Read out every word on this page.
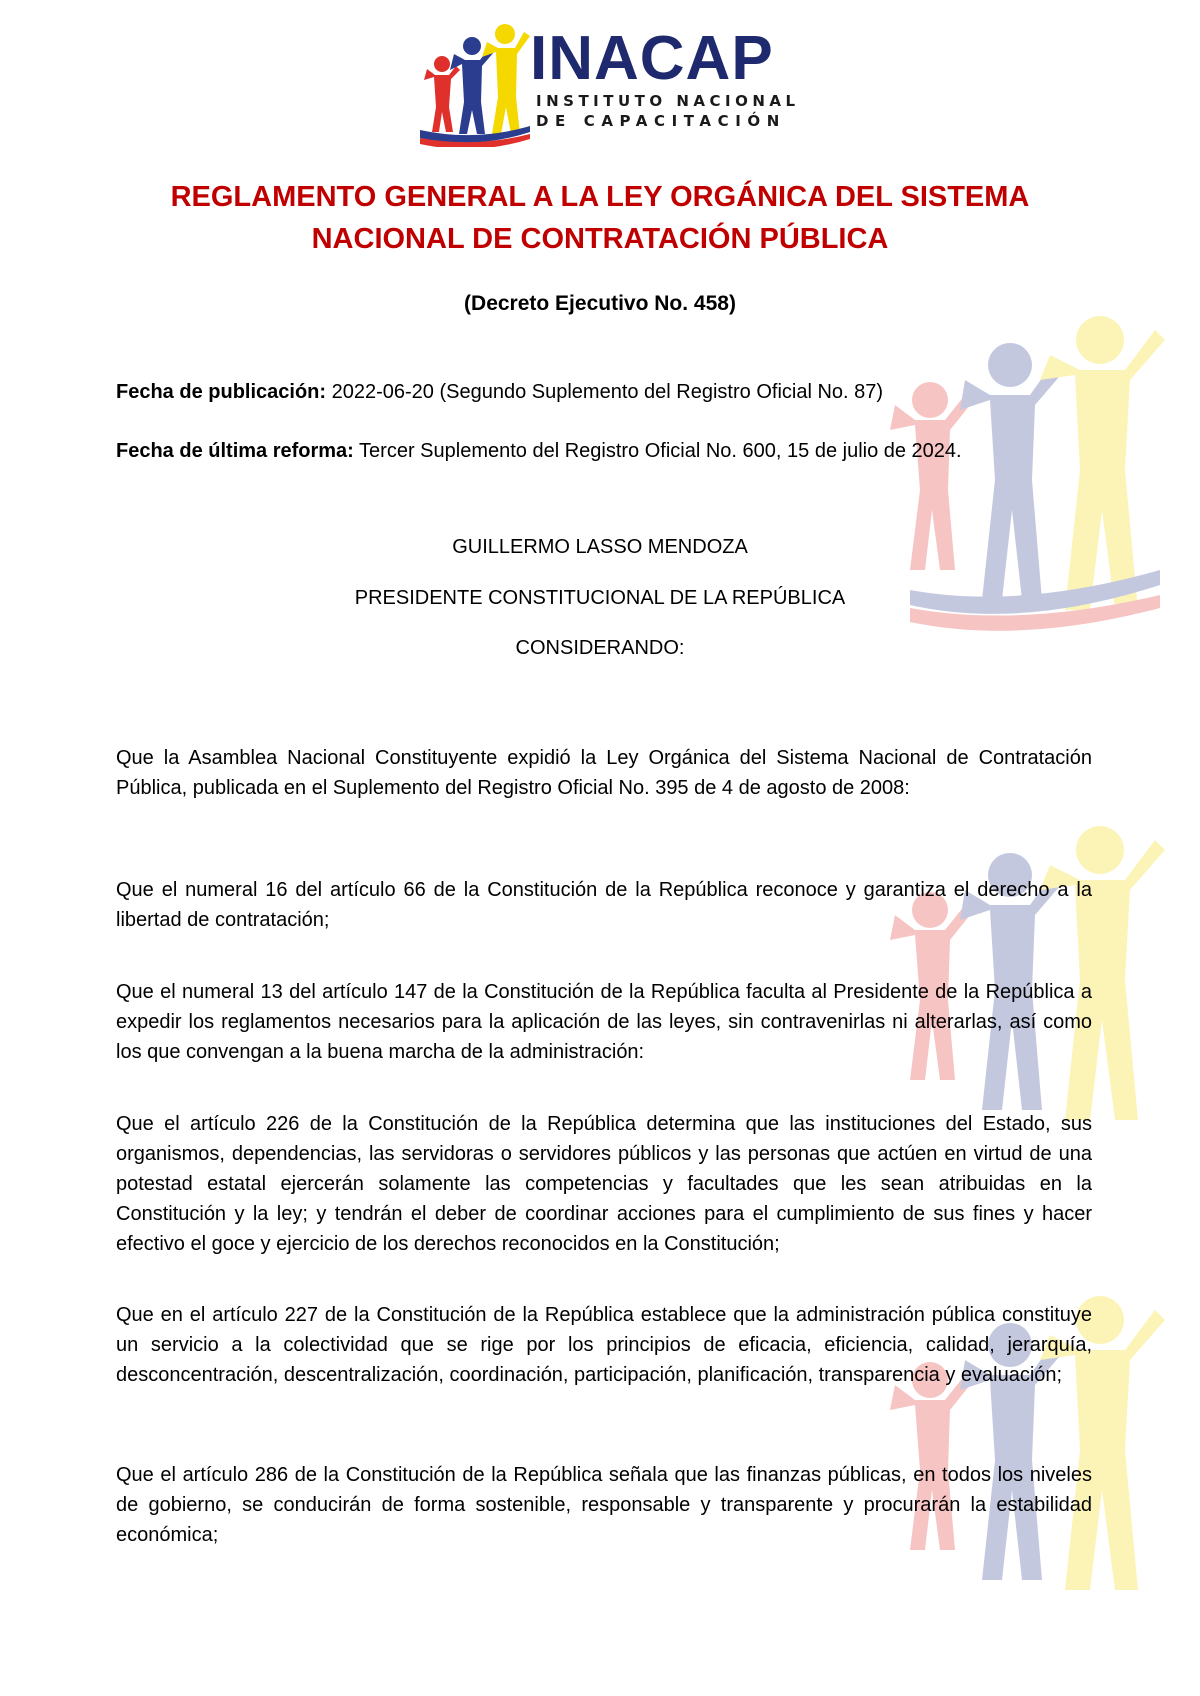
INACAP
INSTITUTO NACIONAL
DE CAPACITACIÓN
REGLAMENTO GENERAL A LA LEY ORGÁNICA DEL SISTEMA
NACIONAL DE CONTRATACIÓN PÚBLICA
(Decreto Ejecutivo No. 458)
Fecha de publicación: 2022-06-20 (Segundo Suplemento del Registro Oficial No. 87)
Fecha de última reforma: Tercer Suplemento del Registro Oficial No. 600, 15 de julio de 2024.
GUILLERMO LASSO MENDOZA
PRESIDENTE CONSTITUCIONAL DE LA REPÚBLICA
CONSIDERANDO:
Que la Asamblea Nacional Constituyente expidió la Ley Orgánica del Sistema Nacional de Contratación Pública, publicada en el Suplemento del Registro Oficial No. 395 de 4 de agosto de 2008:
Que el numeral 16 del artículo 66 de la Constitución de la República reconoce y garantiza el derecho a la libertad de contratación;
Que el numeral 13 del artículo 147 de la Constitución de la República faculta al Presidente de la República a expedir los reglamentos necesarios para la aplicación de las leyes, sin contravenirlas ni alterarlas, así como los que convengan a la buena marcha de la administración:
Que el artículo 226 de la Constitución de la República determina que las instituciones del Estado, sus organismos, dependencias, las servidoras o servidores públicos y las personas que actúen en virtud de una potestad estatal ejercerán solamente las competencias y facultades que les sean atribuidas en la Constitución y la ley; y tendrán el deber de coordinar acciones para el cumplimiento de sus fines y hacer efectivo el goce y ejercicio de los derechos reconocidos en la Constitución;
Que en el artículo 227 de la Constitución de la República establece que la administración pública constituye un servicio a la colectividad que se rige por los principios de eficacia, eficiencia, calidad, jerarquía, desconcentración, descentralización, coordinación, participación, planificación, transparencia y evaluación;
Que el artículo 286 de la Constitución de la República señala que las finanzas públicas, en todos los niveles de gobierno, se conducirán de forma sostenible, responsable y transparente y procurarán la estabilidad económica;
